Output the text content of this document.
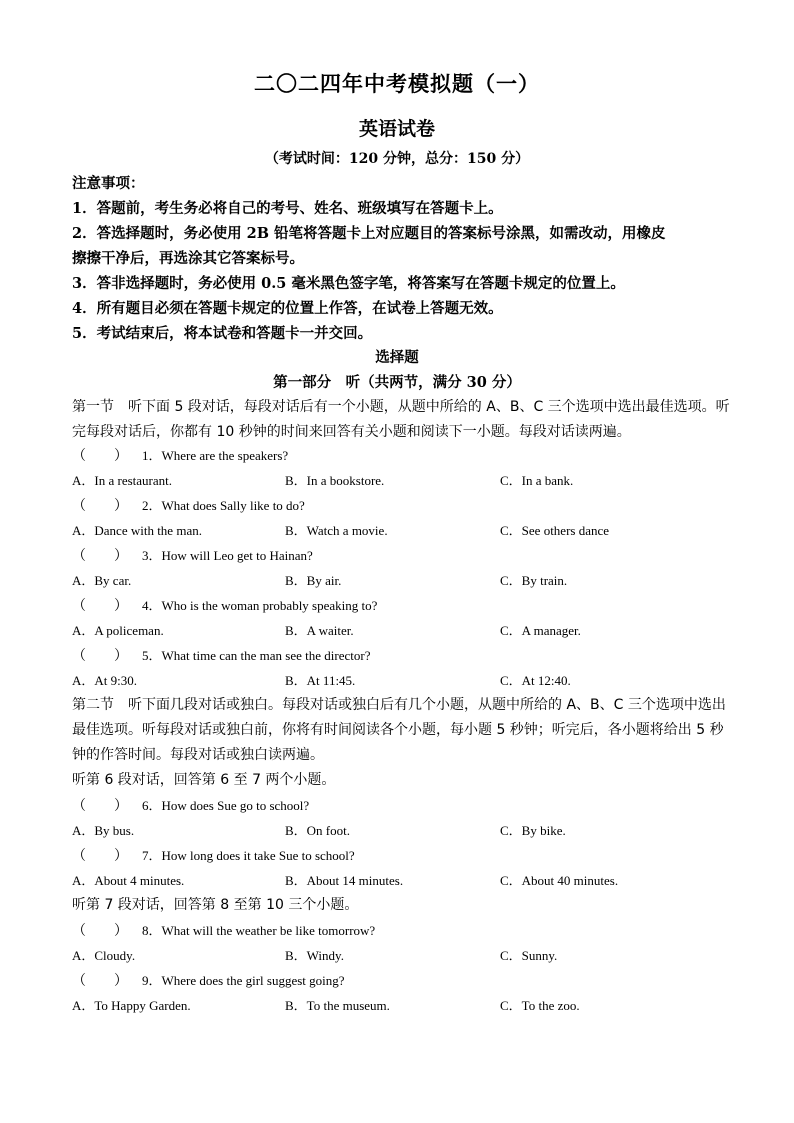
二〇二四年中考模拟题（一）
英语试卷
（考试时间：120 分钟，总分：150 分）
注意事项：
1．答题前，考生务必将自己的考号、姓名、班级填写在答题卡上。
2．答选择题时，务必使用 2B 铅笔将答题卡上对应题目的答案标号涂黑，如需改动，用橡皮
擦擦干净后，再选涂其它答案标号。
3．答非选择题时，务必使用 0.5 毫米黑色签字笔，将答案写在答题卡规定的位置上。
4．所有题目必须在答题卡规定的位置上作答，在试卷上答题无效。
5．考试结束后，将本试卷和答题卡一并交回。
选择题
第一部分　听（共两节，满分 30 分）
第一节　听下面 5 段对话，每段对话后有一个小题，从题中所给的 A、B、C 三个选项中选出最佳选项。听
完每段对话后，你都有 10 秒钟的时间来回答有关小题和阅读下一小题。每段对话读两遍。
（　　） 1．Where are the speakers?
A．In a restaurant.	B．In a bookstore.	C．In a bank.
（　　） 2．What does Sally like to do?
A．Dance with the man.	B．Watch a movie.	C．See others dance
（　　） 3．How will Leo get to Hainan?
A．By car.	B．By air.	C．By train.
（　　） 4．Who is the woman probably speaking to?
A．A policeman.	B．A waiter.	C．A manager.
（　　） 5．What time can the man see the director?
A．At 9:30.	B．At 11:45.	C．At 12:40.
第二节　听下面几段对话或独白。每段对话或独白后有几个小题，从题中所给的 A、B、C 三个选项中选出
最佳选项。听每段对话或独白前，你将有时间阅读各个小题，每小题 5 秒钟；听完后，各小题将给出 5 秒
钟的作答时间。每段对话或独白读两遍。
听第 6 段对话，回答第 6 至 7 两个小题。
（　　） 6．How does Sue go to school?
A．By bus.	B．On foot.	C．By bike.
（　　） 7．How long does it take Sue to school?
A．About 4 minutes.	B．About 14 minutes.	C．About 40 minutes.
听第 7 段对话，回答第 8 至第 10 三个小题。
（　　） 8．What will the weather be like tomorrow?
A．Cloudy.	B．Windy.	C．Sunny.
（　　） 9．Where does the girl suggest going?
A．To Happy Garden.	B．To the museum.	C．To the zoo.
